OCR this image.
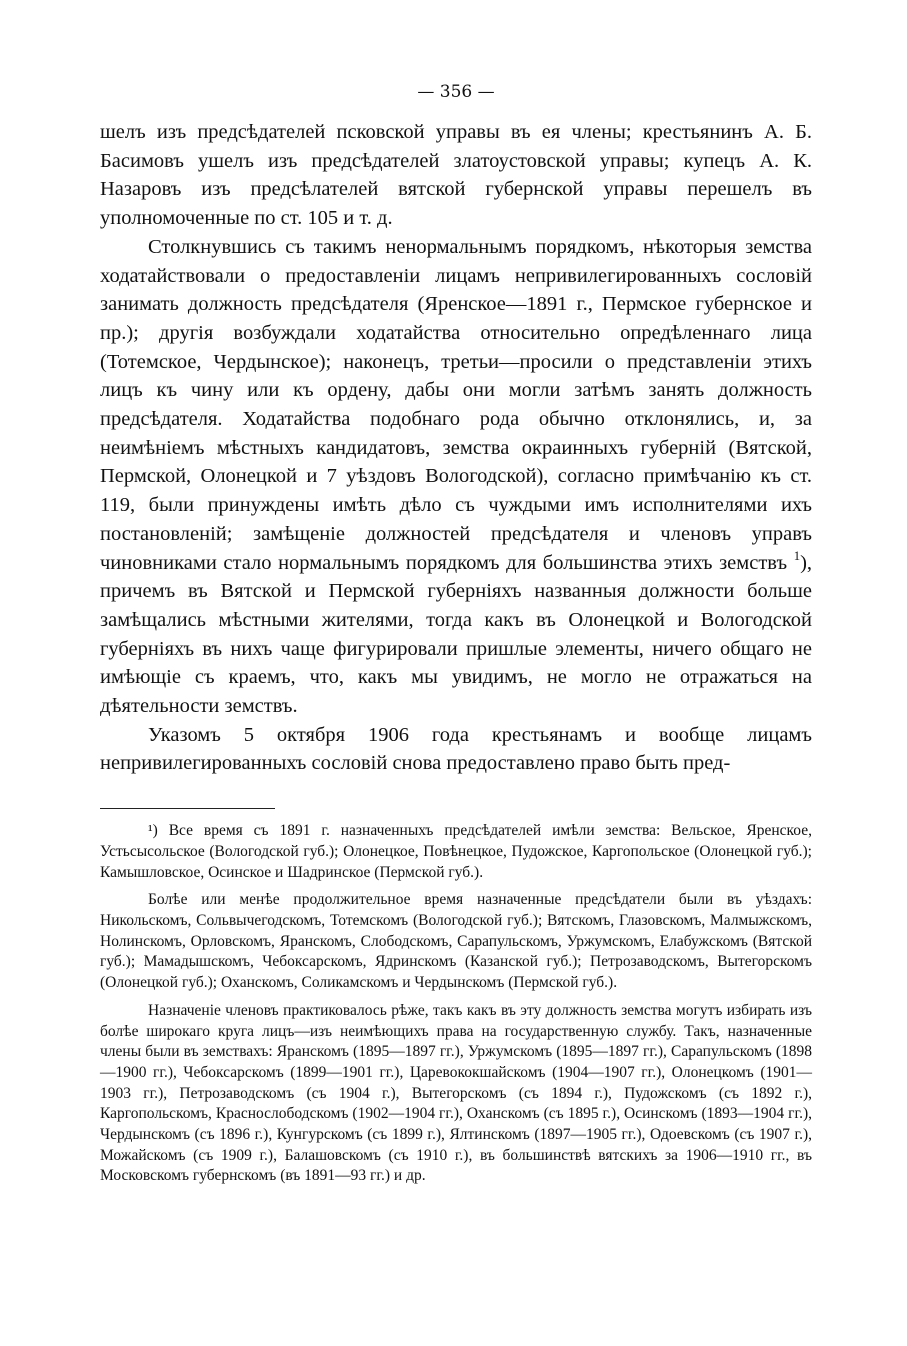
— 356 —

шелъ изъ предсѣдателей псковской управы въ ея члены; крестьянинъ А. Б. Басимовъ ушелъ изъ предсѣдателей златоустовской управы; купецъ А. К. Назаровъ изъ предсѣлателей вятской губернской управы перешелъ въ уполномоченные по ст. 105 и т. д.

Столкнувшись съ такимъ ненормальнымъ порядкомъ, нѣкоторыя земства ходатайствовали о предоставленіи лицамъ непривилегированныхъ сословій занимать должность предсѣдателя (Яренское—1891 г., Пермское губернское и пр.); другія возбуждали ходатайства относительно опредѣленнаго лица (Тотемское, Чердынское); наконецъ, третьи—просили о представленіи этихъ лицъ къ чину или къ ордену, дабы они могли затѣмъ занять должность предсѣдателя. Ходатайства подобнаго рода обычно отклонялись, и, за неимѣніемъ мѣстныхъ кандидатовъ, земства окраинныхъ губерній (Вятской, Пермской, Олонецкой и 7 уѣздовъ Вологодской), согласно примѣчанію къ ст. 119, были принуждены имѣть дѣло съ чуждыми имъ исполнителями ихъ постановленій; замѣщеніе должностей предсѣдателя и членовъ управъ чиновниками стало нормальнымъ порядкомъ для большинства этихъ земствъ $^1$), причемъ въ Вятской и Пермской губерніяхъ названныя должности больше замѣщались мѣстными жителями, тогда какъ въ Олонецкой и Вологодской губерніяхъ въ нихъ чаще фигурировали пришлые элементы, ничего общаго не имѣющіе съ краемъ, что, какъ мы увидимъ, не могло не отражаться на дѣятельности земствъ.

Указомъ 5 октября 1906 года крестьянамъ и вообще лицамъ непривилегированныхъ сословій снова предоставлено право быть пред-

¹) Все время съ 1891 г. назначенныхъ предсѣдателей имѣли земства: Вельское, Яренское, Устьсысольское (Вологодской губ.); Олонецкое, Повѣнецкое, Пудожское, Каргопольское (Олонецкой губ.); Камышловское, Осинское и Шадринское (Пермской губ.).

Болѣе или менѣе продолжительное время назначенные предсѣдатели были въ уѣздахъ: Никольскомъ, Сольвычегодскомъ, Тотемскомъ (Вологодской губ.); Вятскомъ, Глазовскомъ, Малмыжскомъ, Нолинскомъ, Орловскомъ, Яранскомъ, Слободскомъ, Сарапульскомъ, Уржумскомъ, Елабужскомъ (Вятской губ.); Мамадышскомъ, Чебоксарскомъ, Ядринскомъ (Казанской губ.); Петрозаводскомъ, Вытегорскомъ (Олонецкой губ.); Оханскомъ, Соликамскомъ и Чердынскомъ (Пермской губ.).

Назначеніе членовъ практиковалось рѣже, такъ какъ въ эту должность земства могутъ избирать изъ болѣе широкаго круга лицъ—изъ неимѣющихъ права на государственную службу. Такъ, назначенные члены были въ земствахъ: Яранскомъ (1895—1897 гг.), Уржумскомъ (1895—1897 гг.), Сарапульскомъ (1898—1900 гг.), Чебоксарскомъ (1899—1901 гг.), Царевококшайскомъ (1904—1907 гг.), Олонецкомъ (1901—1903 гг.), Петрозаводскомъ (съ 1904 г.), Вытегорскомъ (съ 1894 г.), Пудожскомъ (съ 1892 г.), Каргопольскомъ, Краснослободскомъ (1902—1904 гг.), Оханскомъ (съ 1895 г.), Осинскомъ (1893—1904 гг.), Чердынскомъ (съ 1896 г.), Кунгурскомъ (съ 1899 г.), Ялтинскомъ (1897—1905 гг.), Одоевскомъ (съ 1907 г.), Можайскомъ (съ 1909 г.), Балашовскомъ (съ 1910 г.), въ большинствѣ вятскихъ за 1906—1910 гг., въ Московскомъ губернскомъ (въ 1891—93 гг.) и др.
